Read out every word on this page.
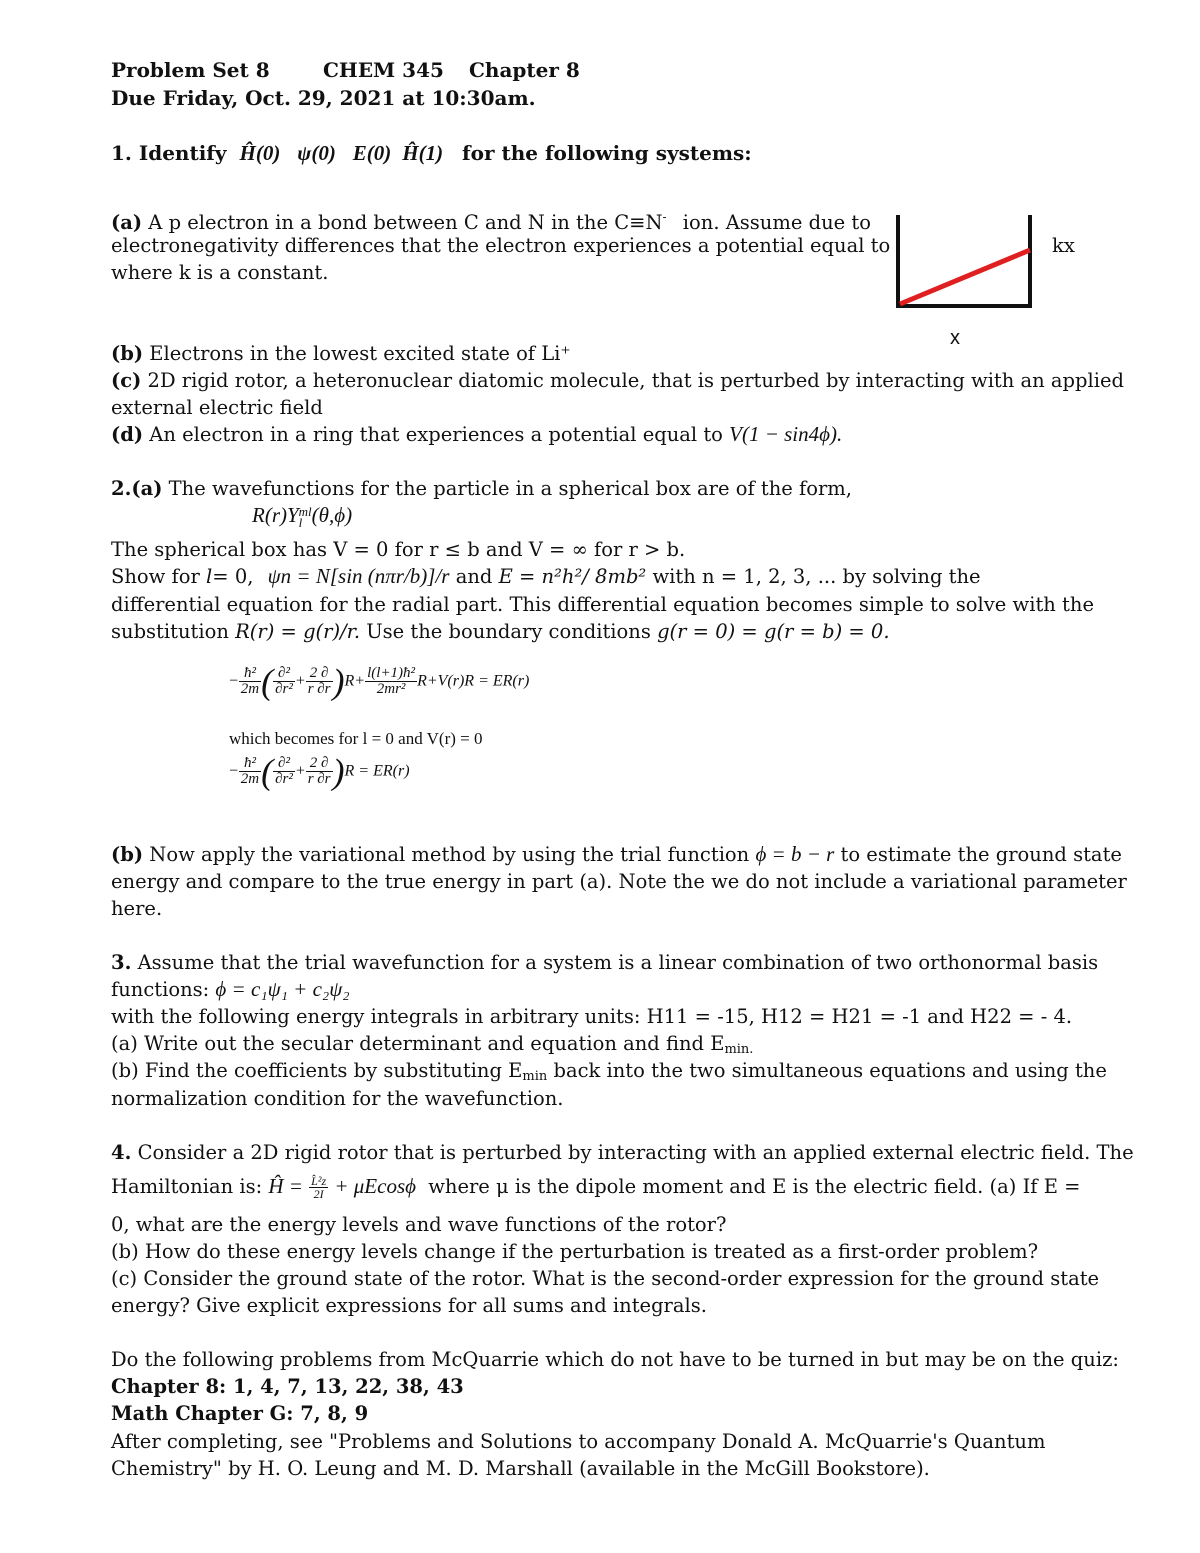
Problem Set 8	CHEM 345 Chapter 8
Due Friday, Oct. 29, 2021 at 10:30am.
1. Identify Ĥ(0) ψ(0) E(0) Ĥ(1) for the following systems:
(a) A p electron in a bond between C and N in the C≡N- ion. Assume due to
electronegativity differences that the electron experiences a potential equal to
where k is a constant.
kx
x
(b) Electrons in the lowest excited state of Li⁺
(c) 2D rigid rotor, a heteronuclear diatomic molecule, that is perturbed by interacting with an applied
external electric field
(d) An electron in a ring that experiences a potential equal to V(1 − sin4ϕ).
2.(a) The wavefunctions for the particle in a spherical box are of the form,
R(r)Y ml
l (θ,ϕ)
The spherical box has V = 0 for r ≤ b and V = ∞ for r > b.
Show for l= 0, ψn = N[sin (nπr/b)]/r and E = n²h²/ 8mb² with n = 1, 2, 3, ... by solving the
differential equation for the radial part. This differential equation becomes simple to solve with the
substitution R(r) = g(r)/r. Use the boundary conditions g(r = 0) = g(r = b) = 0.
− $\frac{\text{ħ²}}{2m}$ ( $\frac{\text{∂²}}{\text{∂r²}} + \frac{2 \partial}{r \partial r} )R+ \frac{\text{l(l+1)ħ²}}{\text{2mr²}} R+V(r)R = ER(r)$
which becomes for l = 0 and V(r) = 0
− $\frac{\text{ħ²}}{2m}$ ( $\frac{\text{∂²}}{\text{∂r²}} + \frac{2 \partial}{r \partial r} )R = ER(r)$
(b) Now apply the variational method by using the trial function ϕ = b − r to estimate the ground state
energy and compare to the true energy in part (a). Note the we do not include a variational parameter
here.
3. Assume that the trial wavefunction for a system is a linear combination of two orthonormal basis
functions: ϕ = c₁ψ₁ + c₂ψ₂
with the following energy integrals in arbitrary units: H11 = -15, H12 = H21 = -1 and H22 = - 4.
(a) Write out the secular determinant and equation and find Emin.
(b) Find the coefficients by substituting Emin back into the two simultaneous equations and using the
normalization condition for the wavefunction.
4. Consider a 2D rigid rotor that is perturbed by interacting with an applied external electric field. The
Hamiltonian is: Ĥ = $\frac{\text{L̂²z}}{2I} + \mu Ecos\phi$ where μ is the dipole moment and E is the electric field. (a) If E =
0, what are the energy levels and wave functions of the rotor?
(b) How do these energy levels change if the perturbation is treated as a first-order problem?
(c) Consider the ground state of the rotor. What is the second-order expression for the ground state
energy? Give explicit expressions for all sums and integrals.
Do the following problems from McQuarrie which do not have to be turned in but may be on the quiz:
Chapter 8: 1, 4, 7, 13, 22, 38, 43
Math Chapter G: 7, 8, 9
After completing, see "Problems and Solutions to accompany Donald A. McQuarrie's Quantum
Chemistry" by H. O. Leung and M. D. Marshall (available in the McGill Bookstore).
